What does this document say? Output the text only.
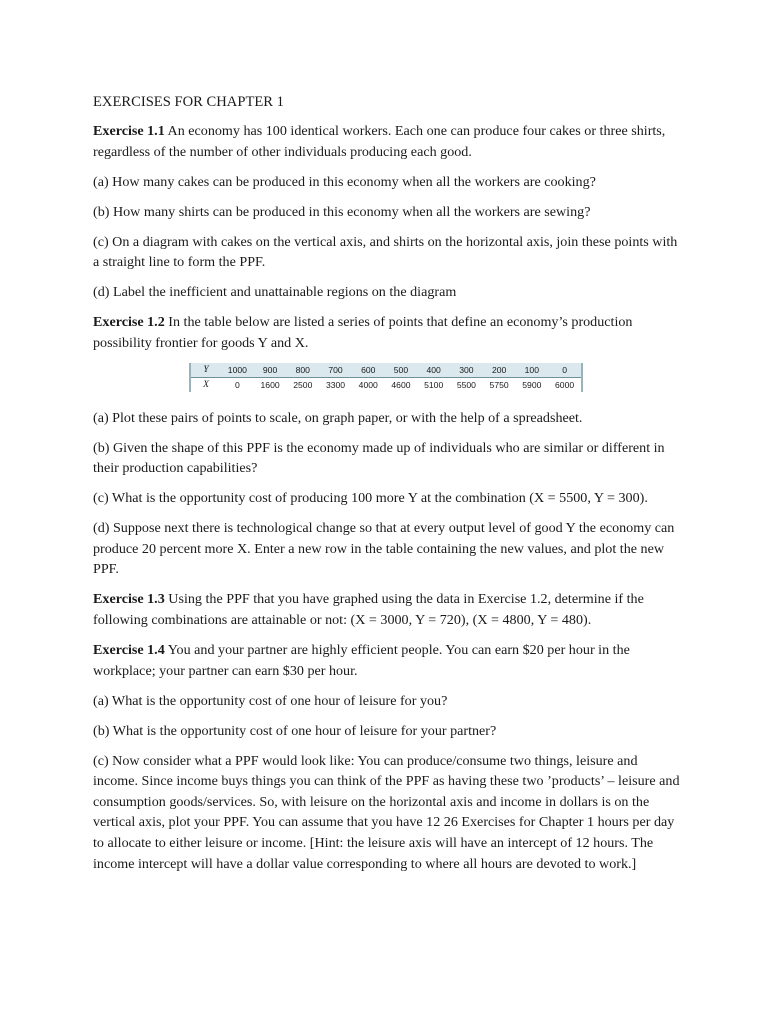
EXERCISES FOR CHAPTER 1

Exercise 1.1 An economy has 100 identical workers. Each one can produce four cakes or three shirts, regardless of the number of other individuals producing each good.

(a) How many cakes can be produced in this economy when all the workers are cooking?

(b) How many shirts can be produced in this economy when all the workers are sewing?

(c) On a diagram with cakes on the vertical axis, and shirts on the horizontal axis, join these points with a straight line to form the PPF.

(d) Label the inefficient and unattainable regions on the diagram

Exercise 1.2 In the table below are listed a series of points that define an economy’s production possibility frontier for goods Y and X.

Y	1000	900	800	700	600	500	400	300	200	100	0
X	0	1600	2500	3300	4000	4600	5100	5500	5750	5900	6000

(a) Plot these pairs of points to scale, on graph paper, or with the help of a spreadsheet.

(b) Given the shape of this PPF is the economy made up of individuals who are similar or different in their production capabilities?

(c) What is the opportunity cost of producing 100 more Y at the combination (X = 5500, Y = 300).

(d) Suppose next there is technological change so that at every output level of good Y the economy can produce 20 percent more X. Enter a new row in the table containing the new values, and plot the new PPF.

Exercise 1.3 Using the PPF that you have graphed using the data in Exercise 1.2, determine if the following combinations are attainable or not: (X = 3000, Y = 720), (X = 4800, Y = 480).

Exercise 1.4 You and your partner are highly efficient people. You can earn $20 per hour in the workplace; your partner can earn $30 per hour.

(a) What is the opportunity cost of one hour of leisure for you?

(b) What is the opportunity cost of one hour of leisure for your partner?

(c) Now consider what a PPF would look like: You can produce/consume two things, leisure and income. Since income buys things you can think of the PPF as having these two ’products’ – leisure and consumption goods/services. So, with leisure on the horizontal axis and income in dollars is on the vertical axis, plot your PPF. You can assume that you have 12 26 Exercises for Chapter 1 hours per day to allocate to either leisure or income. [Hint: the leisure axis will have an intercept of 12 hours. The income intercept will have a dollar value corresponding to where all hours are devoted to work.]
